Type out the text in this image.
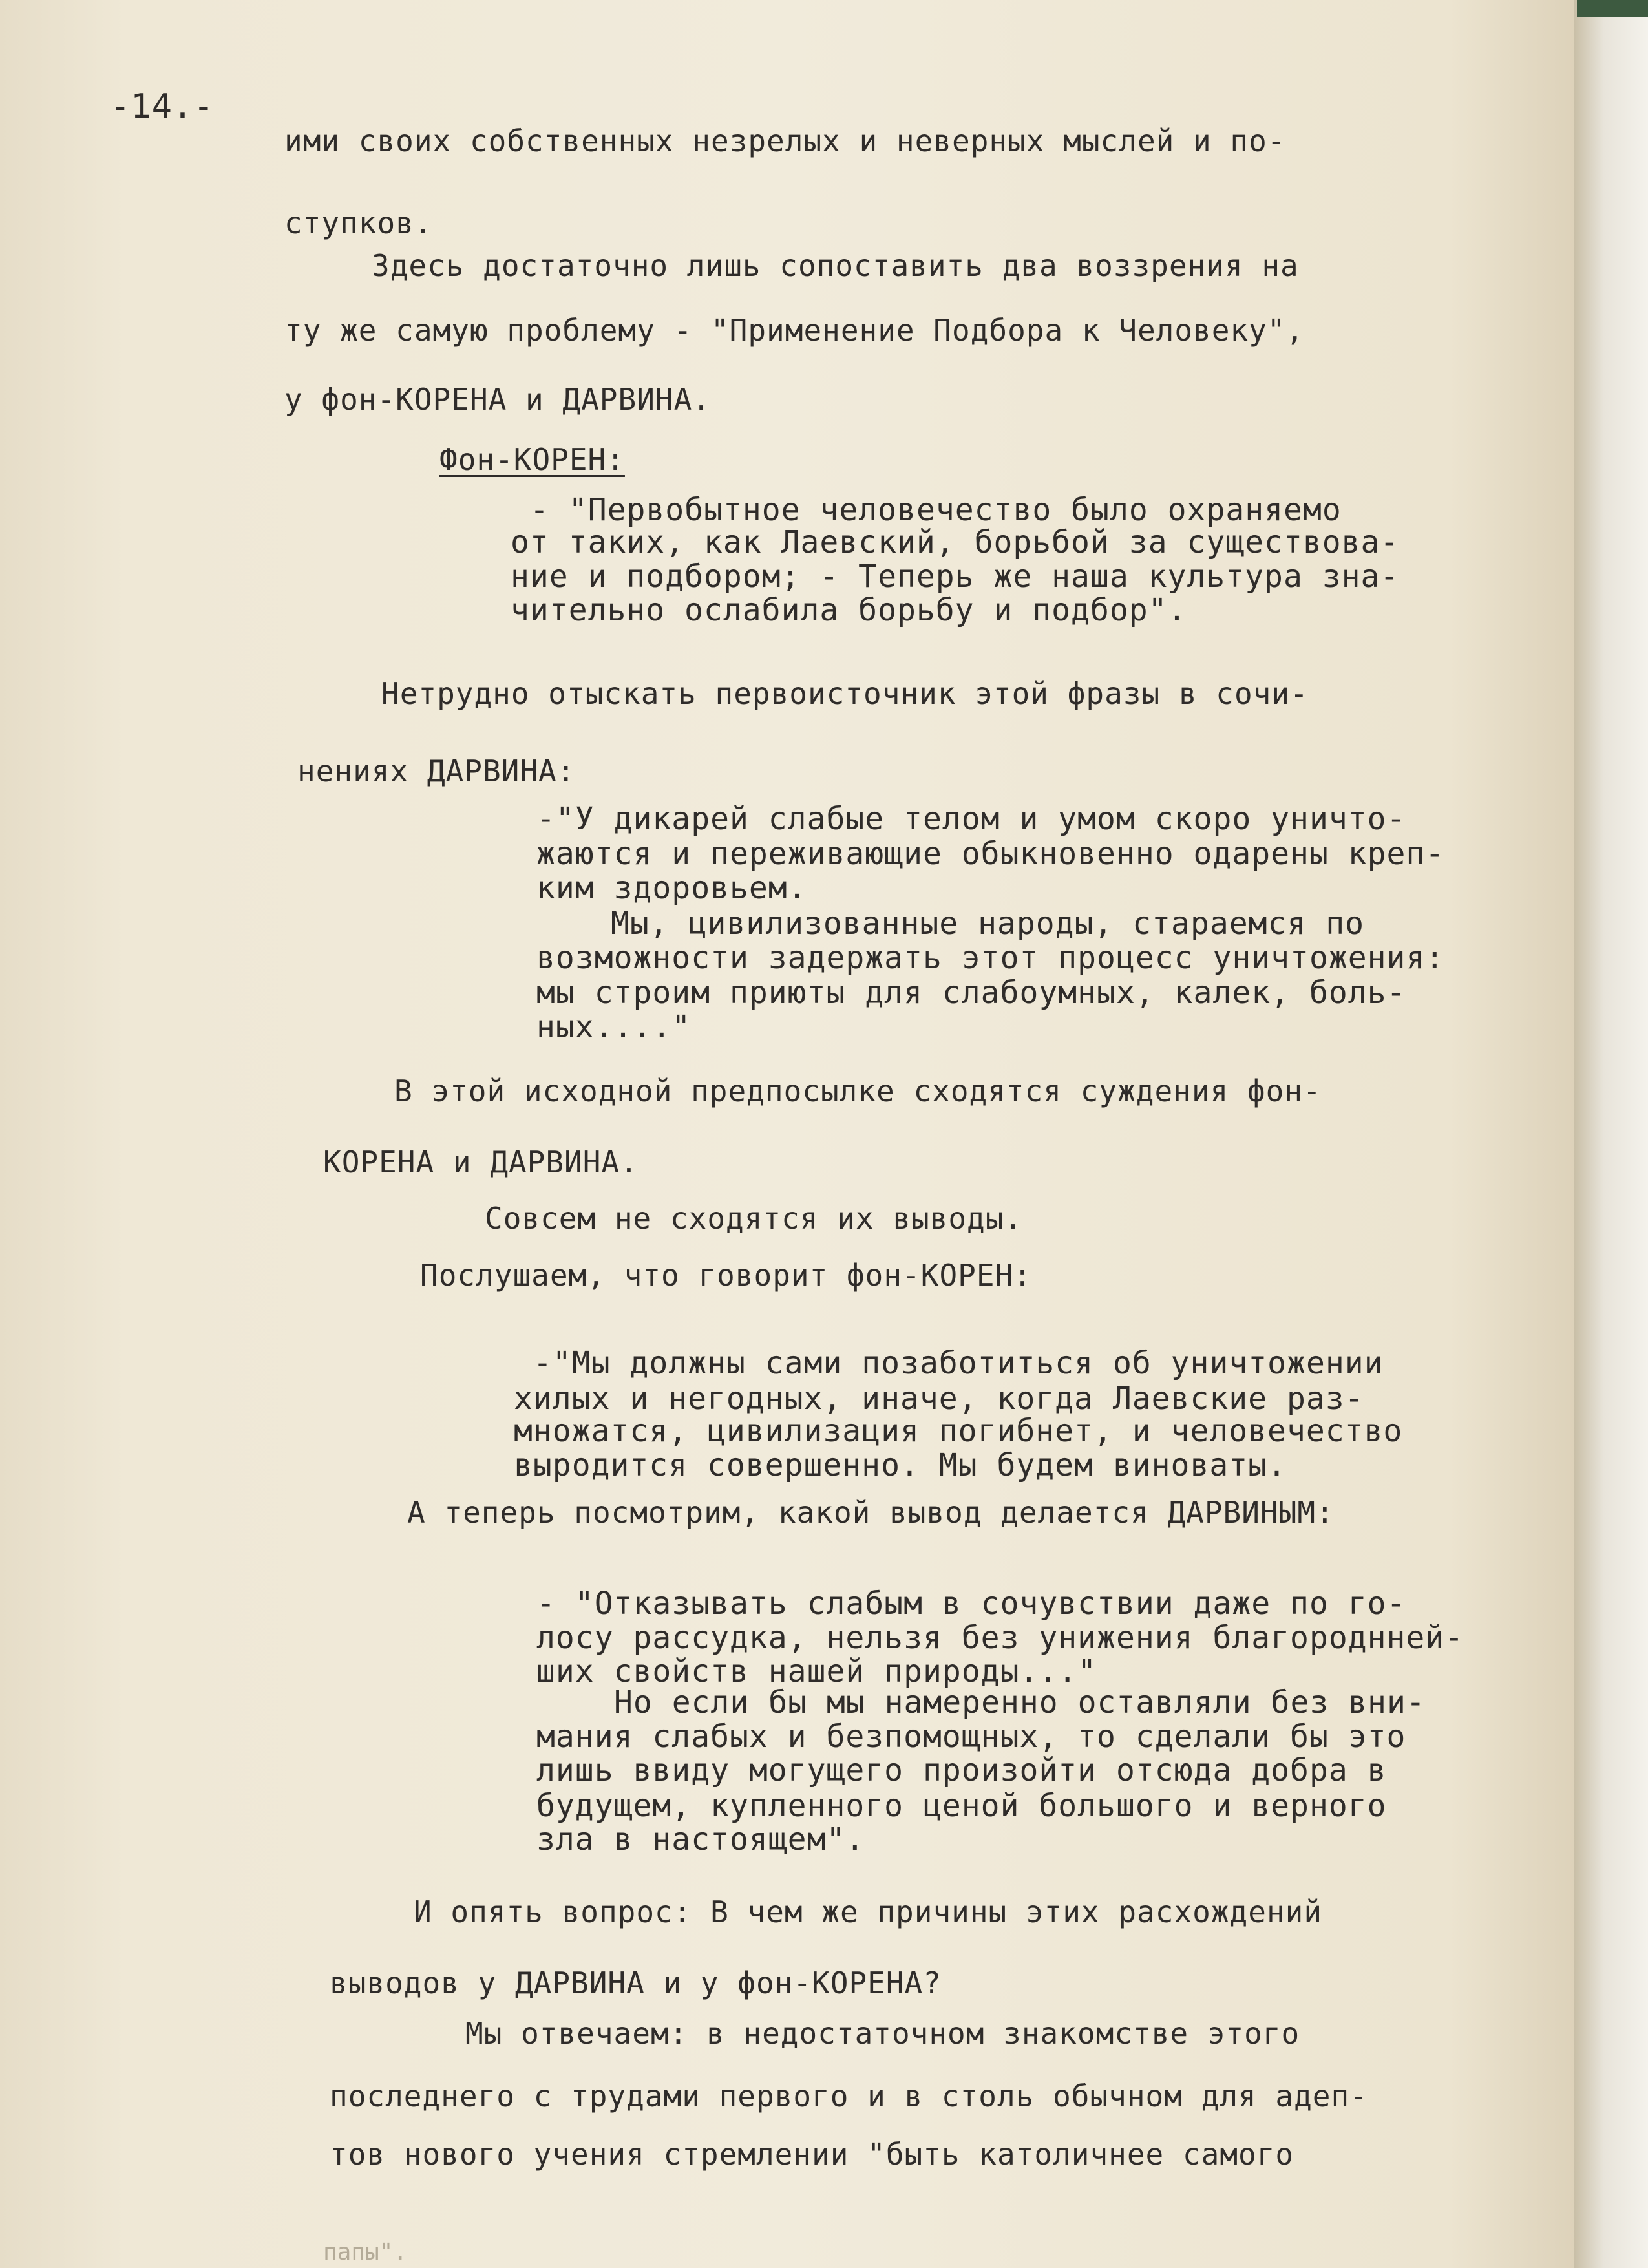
-14.-
ими своих собственных незрелых и неверных мыслей и по-
ступков.
Здесь достаточно лишь сопоставить два воззрения на
ту же самую проблему - "Применение Подбора к Человеку",
у фон-КОРЕНА и ДАРВИНА.
Фон-КОРЕН:
- "Первобытное человечество было охраняемо
от таких, как Лаевский, борьбой за существова-
ние и подбором; - Теперь же наша культура зна-
чительно ослабила борьбу и подбор".
Нетрудно отыскать первоисточник этой фразы в сочи-
нениях ДАРВИНА:
-"У дикарей слабые телом и умом скоро уничто-
жаются и переживающие обыкновенно одарены креп-
ким здоровьем.
Мы, цивилизованные народы, стараемся по
возможности задержать этот процесс уничтожения:
мы строим приюты для слабоумных, калек, боль-
ных...."
В этой исходной предпосылке сходятся суждения фон-
КОРЕНА и ДАРВИНА.
Совсем не сходятся их выводы.
Послушаем, что говорит фон-КОРЕН:
-"Мы должны сами позаботиться об уничтожении
хилых и негодных, иначе, когда Лаевские раз-
множатся, цивилизация погибнет, и человечество
выродится совершенно. Мы будем виноваты.
А теперь посмотрим, какой вывод делается ДАРВИНЫМ:
- "Отказывать слабым в сочувствии даже по го-
лосу рассудка, нельзя без унижения благороднней-
ших свойств нашей природы..."
Но если бы мы намеренно оставляли без вни-
мания слабых и безпомощных, то сделали бы это
лишь ввиду могущего произойти отсюда добра в
будущем, купленного ценой большого и верного
зла в настоящем".
И опять вопрос: В чем же причины этих расхождений
выводов у ДАРВИНА и у фон-КОРЕНА?
Мы отвечаем: в недостаточном знакомстве этого
последнего с трудами первого и в столь обычном для адеп-
тов нового учения стремлении "быть католичнее самого
папы".
